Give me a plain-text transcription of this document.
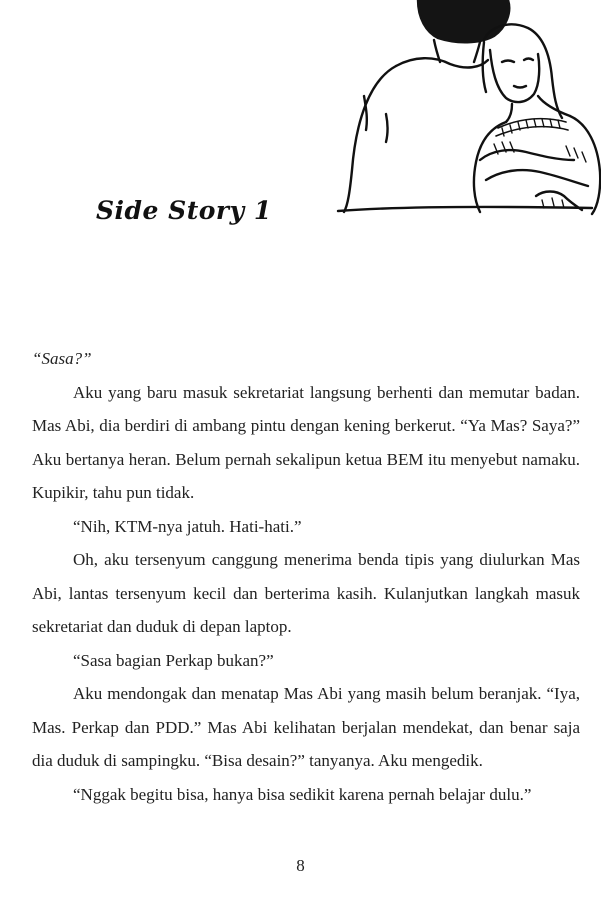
Side Story 1

“Sasa?”

Aku yang baru masuk sekretariat langsung berhenti dan memutar badan. Mas Abi, dia berdiri di ambang pintu dengan kening berkerut. “Ya Mas? Saya?” Aku bertanya heran. Belum pernah sekalipun ketua BEM itu menyebut namaku. Kupikir, tahu pun tidak.

“Nih, KTM-nya jatuh. Hati-hati.”

Oh, aku tersenyum canggung menerima benda tipis yang diulurkan Mas Abi, lantas tersenyum kecil dan berterima kasih. Kulanjutkan langkah masuk sekretariat dan duduk di depan laptop.

“Sasa bagian Perkap bukan?”

Aku mendongak dan menatap Mas Abi yang masih belum beranjak. “Iya, Mas. Perkap dan PDD.” Mas Abi kelihatan berjalan mendekat, dan benar saja dia duduk di sampingku. “Bisa desain?” tanyanya. Aku mengedik.

“Nggak begitu bisa, hanya bisa sedikit karena pernah belajar dulu.”

8
